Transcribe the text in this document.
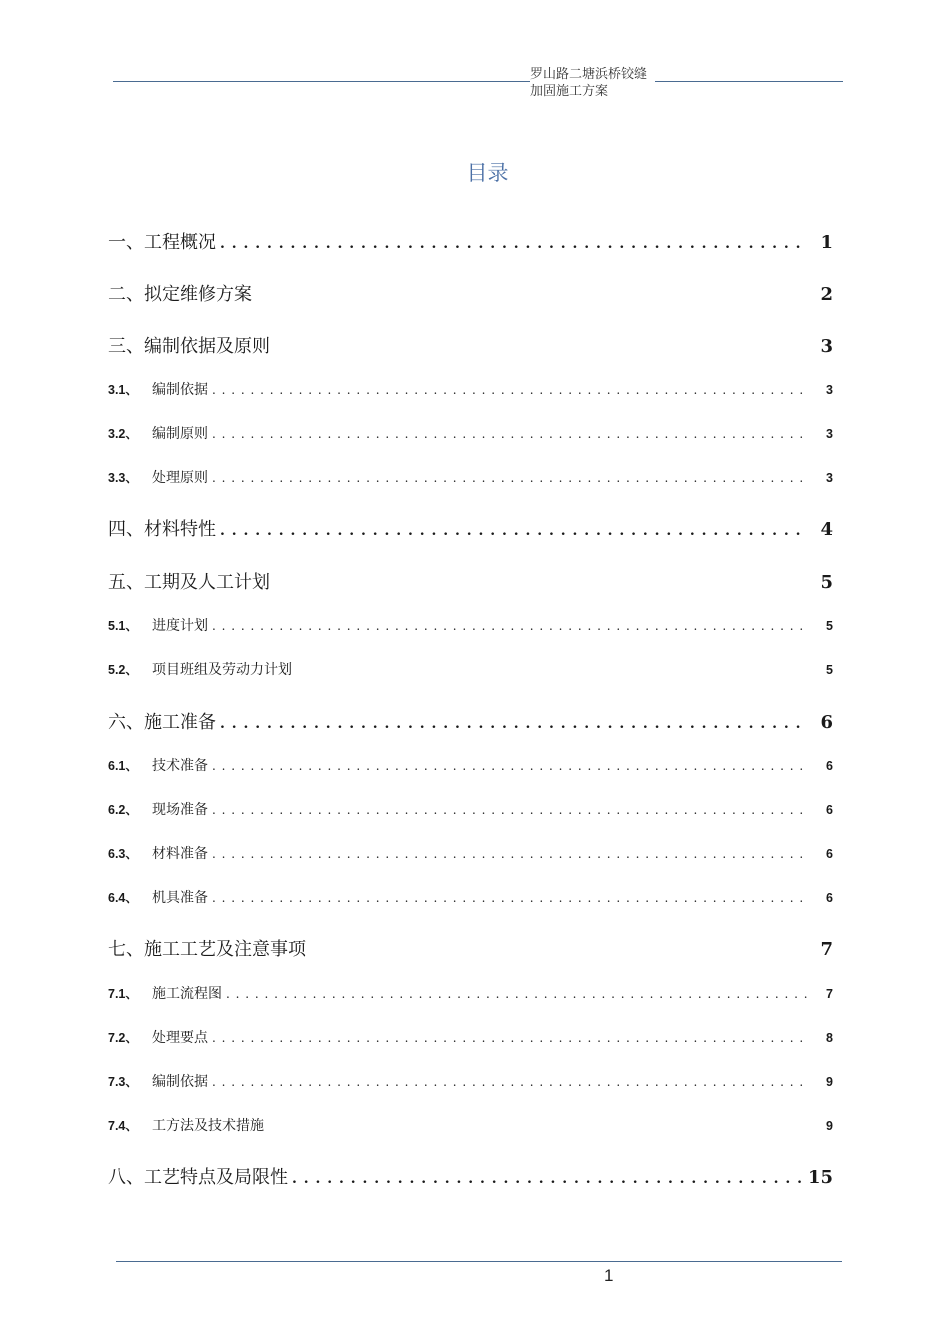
罗山路二塘浜桥铰缝加固施工方案
目录
一、工程概况 . . .	1
二、拟定维修方案	2
三、编制依据及原则	3
3.1、	编制依据 . . .	3
3.2、	编制原则 . . .	3
3.3、	处理原则 . . .	3
四、材料特性 . . .	4
五、工期及人工计划	5
5.1、	进度计划 . . .	5
5.2、	项目班组及劳动力计划	5
六、施工准备 . . .	6
6.1、	技术准备 . . .	6
6.2、	现场准备 . . .	6
6.3、	材料准备 . . .	6
6.4、	机具准备 . . .	6
七、施工工艺及注意事项	7
7.1、	施工流程图 . . .	7
7.2、	处理要点 . . .	8
7.3、	编制依据 . . .	9
7.4、	工方法及技术措施	9
八、工艺特点及局限性 . . .	15
1
